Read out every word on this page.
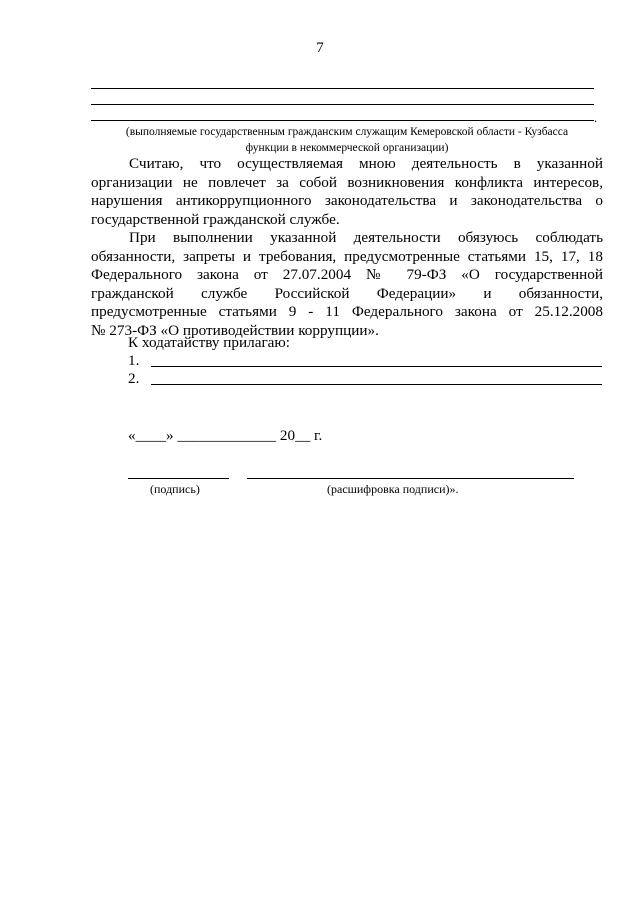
7
.
(выполняемые государственным гражданским служащим Кемеровской области - Кузбасса
функции в некоммерческой организации)
Считаю, что осуществляемая мною деятельность в указанной
организации не повлечет за собой возникновения конфликта интересов,
нарушения антикоррупционного законодательства и законодательства о
государственной гражданской службе.
При выполнении указанной деятельности обязуюсь соблюдать
обязанности, запреты и требования, предусмотренные статьями 15, 17, 18
Федерального закона от 27.07.2004 № 79-ФЗ «О государственной
гражданской службе Российской Федерации» и обязанности,
предусмотренные статьями 9 - 11 Федерального закона от 25.12.2008
№ 273-ФЗ «О противодействии коррупции».
К ходатайству прилагаю:
1.
2.
«____» _____________ 20__ г.
(подпись)	(расшифровка подписи)».
